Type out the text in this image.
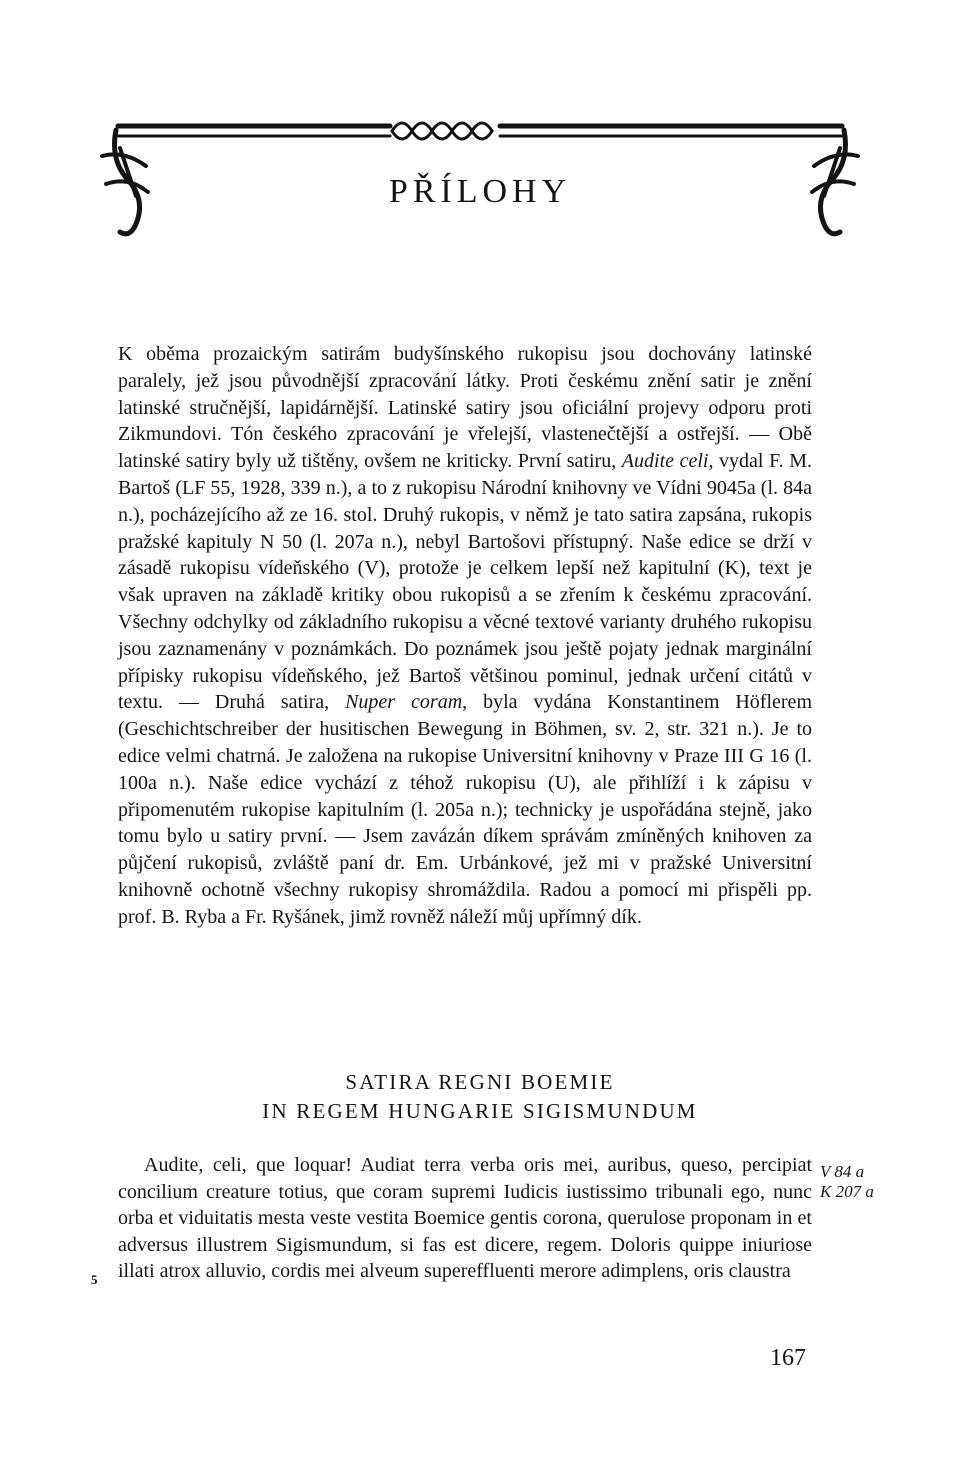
PŘÍLOHY

K oběma prozaickým satirám budyšínského rukopisu jsou dochovány latinské paralely, jež jsou původnější zpracování látky. Proti českému znění satir je znění latinské stručnější, lapidárnější. Latinské satiry jsou oficiální projevy odporu proti Zikmundovi. Tón českého zpracování je vřelejší, vlastenečtější a ostřejší. — Obě latinské satiry byly už tištěny, ovšem ne kriticky. První satiru, Audite celi, vydal F. M. Bartoš (LF 55, 1928, 339 n.), a to z rukopisu Národní knihovny ve Vídni 9045a (l. 84a n.), pocházejícího až ze 16. stol. Druhý rukopis, v němž je tato satira zapsána, rukopis pražské kapituly N 50 (l. 207a n.), nebyl Bartošovi přístupný. Naše edice se drží v zásadě rukopisu vídeňského (V), protože je celkem lepší než kapitulní (K), text je však upraven na základě kritiky obou rukopisů a se zřením k českému zpracování. Všechny odchylky od základního rukopisu a věcné textové varianty druhého rukopisu jsou zaznamenány v poznámkách. Do poznámek jsou ještě pojaty jednak marginální přípisky rukopisu vídeňského, jež Bartoš většinou pominul, jednak určení citátů v textu. — Druhá satira, Nuper coram, byla vydána Konstantinem Höflerem (Geschichtschreiber der husitischen Bewegung in Böhmen, sv. 2, str. 321 n.). Je to edice velmi chatrná. Je založena na rukopise Universitní knihovny v Praze III G 16 (l. 100a n.). Naše edice vychází z téhož rukopisu (U), ale přihlíží i k zápisu v připomenutém rukopise kapitulním (l. 205a n.); technicky je uspořádána stejně, jako tomu bylo u satiry první. — Jsem zavázán díkem správám zmíněných knihoven za půjčení rukopisů, zvláště paní dr. Em. Urbánkové, jež mi v pražské Universitní knihovně ochotně všechny rukopisy shromáždila. Radou a pomocí mi přispěli pp. prof. B. Ryba a Fr. Ryšánek, jimž rovněž náleží můj upřímný dík.

SATIRA REGNI BOEMIE
IN REGEM HUNGARIE SIGISMUNDUM

Audite, celi, que loquar! Audiat terra verba oris mei, auribus, queso, percipiat concilium creature totius, que coram supremi Iudicis iustissimo tribunali ego, nunc orba et viduitatis mesta veste vestita Boemice gentis corona, querulose proponam in et adversus illustrem Sigismundum, si fas est dicere, regem. Doloris quippe iniuriose illati atrox alluvio, cordis mei alveum supereffluenti merore adimplens, oris claustra

V 84 a
K 207 a
5
167
